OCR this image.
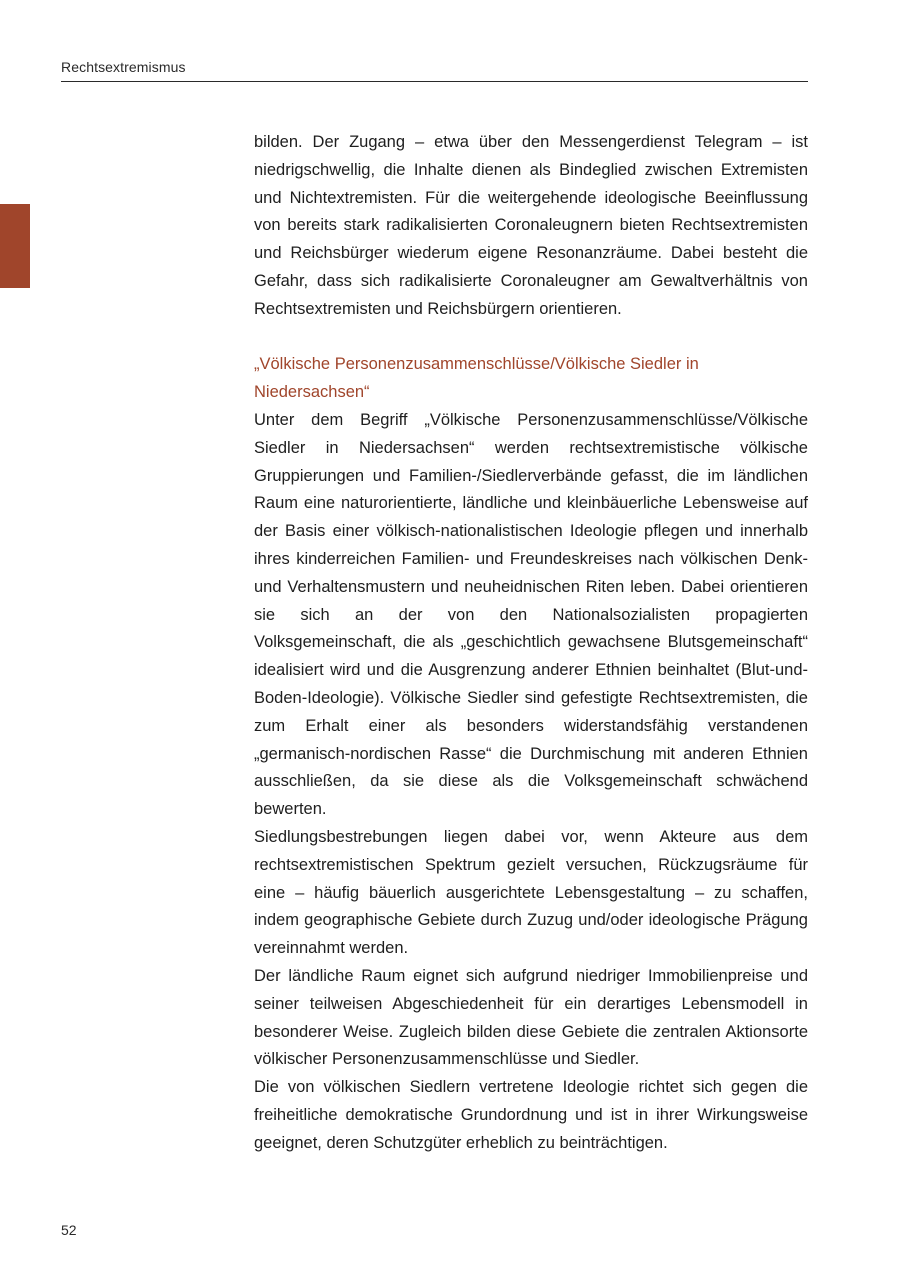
Rechtsextremismus

bilden. Der Zugang – etwa über den Messengerdienst Telegram – ist niedrigschwellig, die Inhalte dienen als Bindeglied zwischen Extremisten und Nichtextremisten. Für die weitergehende ideologische Beeinflussung von bereits stark radikalisierten Coronaleugnern bieten Rechtsextremisten und Reichsbürger wiederum eigene Resonanzräume. Dabei besteht die Gefahr, dass sich radikalisierte Coronaleugner am Gewaltverhältnis von Rechtsextremisten und Reichsbürgern orientieren.

„Völkische Personenzusammenschlüsse/Völkische Siedler in Niedersachsen“

Unter dem Begriff „Völkische Personenzusammenschlüsse/Völkische Siedler in Niedersachsen“ werden rechtsextremistische völkische Gruppierungen und Familien-/Siedlerverbände gefasst, die im ländlichen Raum eine naturorientierte, ländliche und kleinbäuerliche Lebensweise auf der Basis einer völkisch-nationalistischen Ideologie pflegen und innerhalb ihres kinderreichen Familien- und Freundeskreises nach völkischen Denk- und Verhaltensmustern und neuheidnischen Riten leben. Dabei orientieren sie sich an der von den Nationalsozialisten propagierten Volksgemeinschaft, die als „geschichtlich gewachsene Blutsgemeinschaft“ idealisiert wird und die Ausgrenzung anderer Ethnien beinhaltet (Blut-und-Boden-Ideologie). Völkische Siedler sind gefestigte Rechtsextremisten, die zum Erhalt einer als besonders widerstandsfähig verstandenen „germanisch-nordischen Rasse“ die Durchmischung mit anderen Ethnien ausschließen, da sie diese als die Volksgemeinschaft schwächend bewerten.

Siedlungsbestrebungen liegen dabei vor, wenn Akteure aus dem rechtsextremistischen Spektrum gezielt versuchen, Rückzugsräume für eine – häufig bäuerlich ausgerichtete Lebensgestaltung – zu schaffen, indem geographische Gebiete durch Zuzug und/oder ideologische Prägung vereinnahmt werden.

Der ländliche Raum eignet sich aufgrund niedriger Immobilienpreise und seiner teilweisen Abgeschiedenheit für ein derartiges Lebensmodell in besonderer Weise. Zugleich bilden diese Gebiete die zentralen Aktionsorte völkischer Personenzusammenschlüsse und Siedler.

Die von völkischen Siedlern vertretene Ideologie richtet sich gegen die freiheitliche demokratische Grundordnung und ist in ihrer Wirkungsweise geeignet, deren Schutzgüter erheblich zu beinträchtigen.

52
